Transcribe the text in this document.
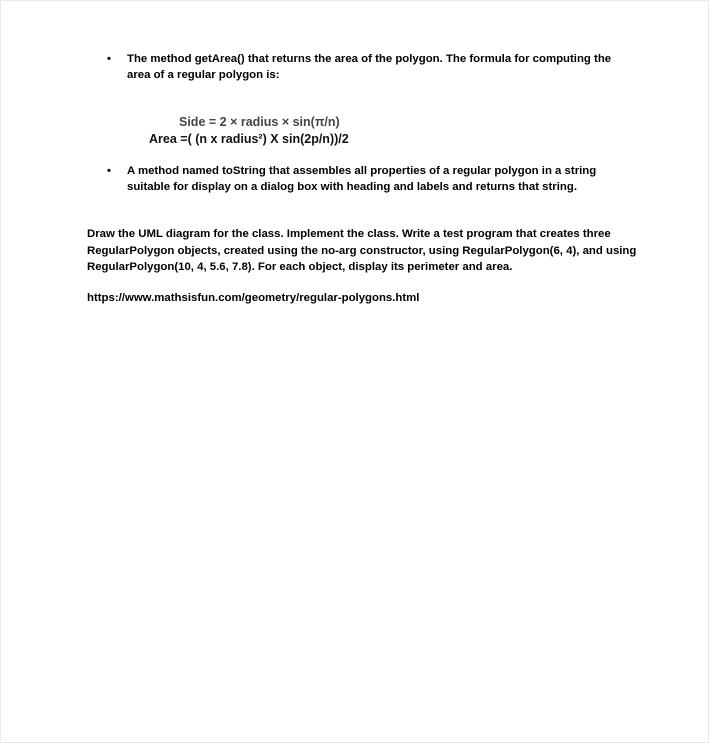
• The method getArea() that returns the area of the polygon. The formula for computing the area of a regular polygon is:
Side = 2 × radius × sin(π/n)
Area =( (n x radius²) X sin(2p/n))/2
• A method named toString that assembles all properties of a regular polygon in a string suitable for display on a dialog box with heading and labels and returns that string.
Draw the UML diagram for the class. Implement the class. Write a test program that creates three RegularPolygon objects, created using the no-arg constructor, using RegularPolygon(6, 4), and using RegularPolygon(10, 4, 5.6, 7.8). For each object, display its perimeter and area.
https://www.mathsisfun.com/geometry/regular-polygons.html
